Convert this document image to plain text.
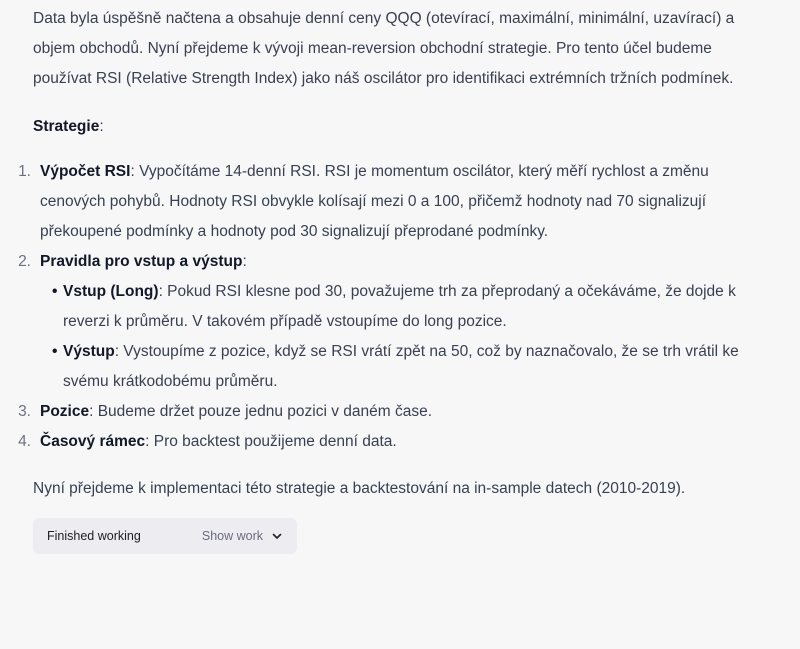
Data byla úspěšně načtena a obsahuje denní ceny QQQ (otevírací, maximální, minimální, uzavírací) a objem obchodů. Nyní přejdeme k vývoji mean-reversion obchodní strategie. Pro tento účel budeme používat RSI (Relative Strength Index) jako náš oscilátor pro identifikaci extrémních tržních podmínek.

Strategie:

1. Výpočet RSI: Vypočítáme 14-denní RSI. RSI je momentum oscilátor, který měří rychlost a změnu cenových pohybů. Hodnoty RSI obvykle kolísají mezi 0 a 100, přičemž hodnoty nad 70 signalizují překoupené podmínky a hodnoty pod 30 signalizují přeprodané podmínky.
2. Pravidla pro vstup a výstup:
• Vstup (Long): Pokud RSI klesne pod 30, považujeme trh za přeprodaný a očekáváme, že dojde k reverzi k průměru. V takovém případě vstoupíme do long pozice.
• Výstup: Vystoupíme z pozice, když se RSI vrátí zpět na 50, což by naznačovalo, že se trh vrátil ke svému krátkodobému průměru.
3. Pozice: Budeme držet pouze jednu pozici v daném čase.
4. Časový rámec: Pro backtest použijeme denní data.

Nyní přejdeme k implementaci této strategie a backtestování na in-sample datech (2010-2019).

Finished working	Show work
